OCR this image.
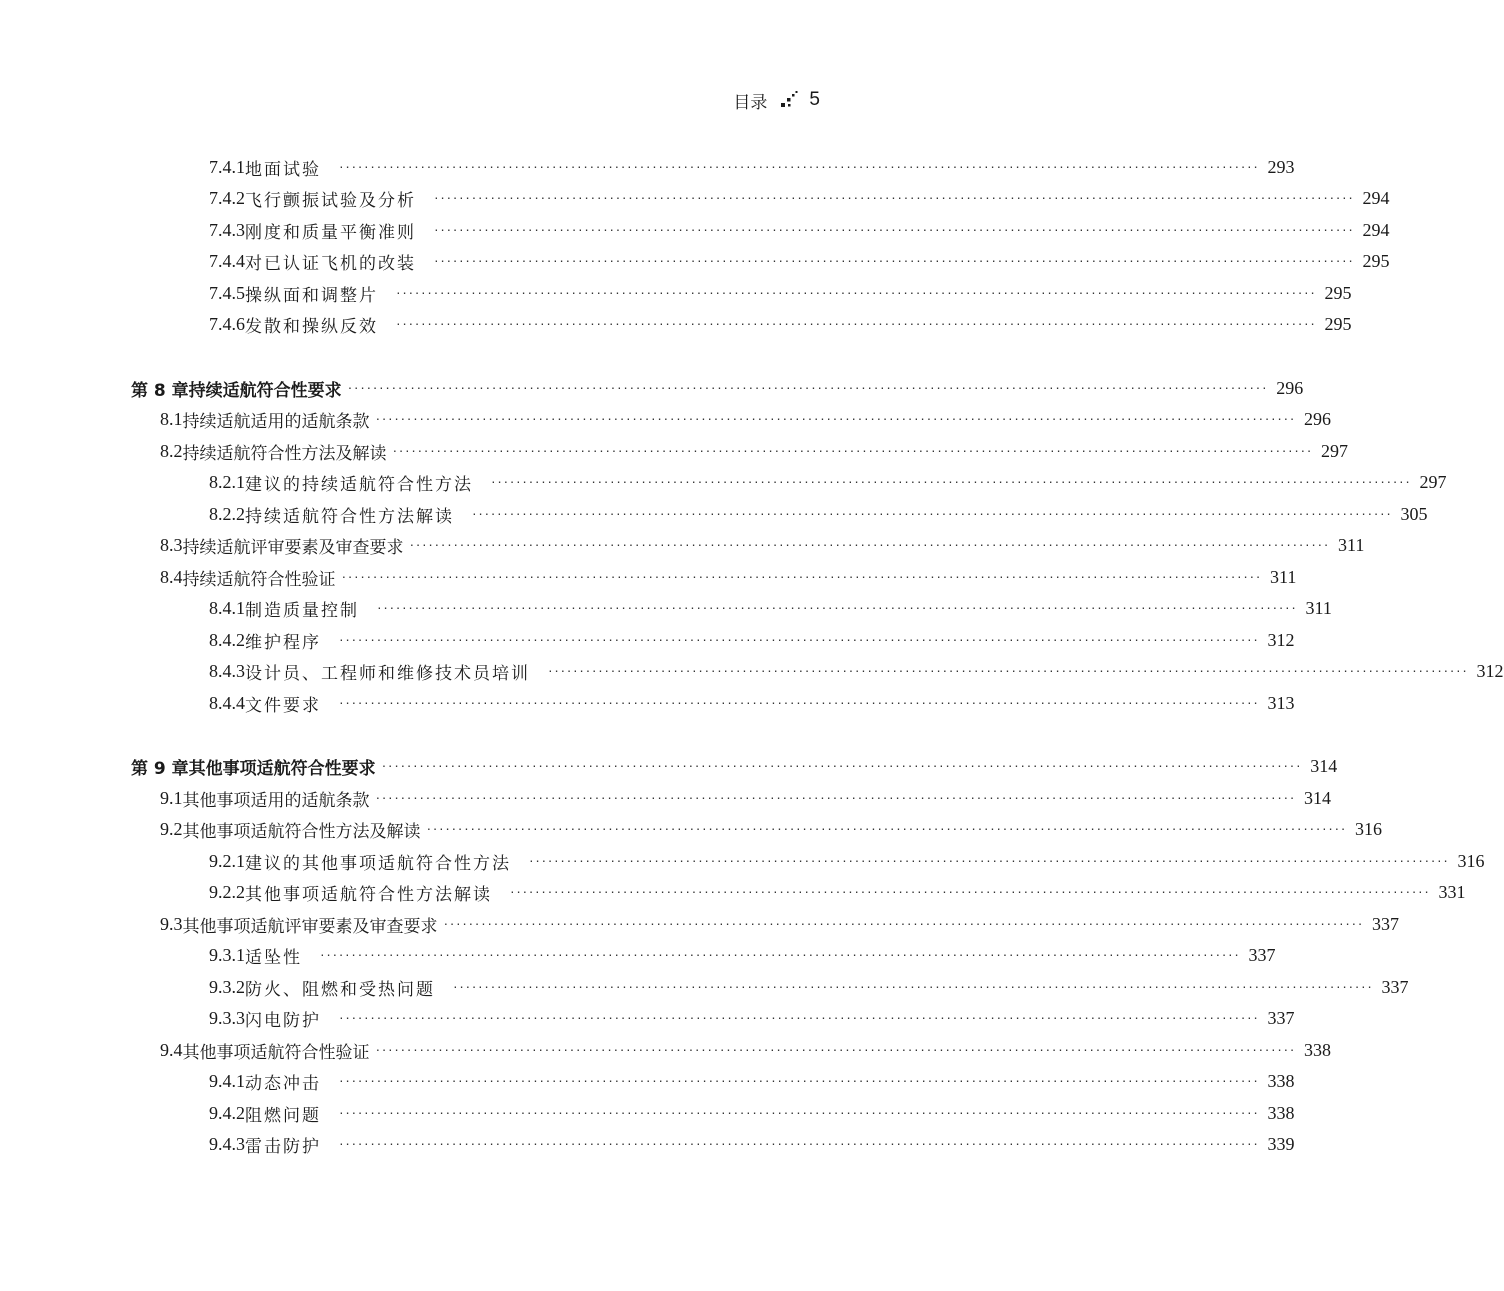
目录 5
7.4.1 地面试验 ··················································································································································· 293
7.4.2 飞行颤振试验及分析 ··················································································································································· 294
7.4.3 刚度和质量平衡准则 ··················································································································································· 294
7.4.4 对已认证飞机的改装 ··················································································································································· 295
7.4.5 操纵面和调整片 ··················································································································································· 295
7.4.6 发散和操纵反效 ··················································································································································· 295
第 8 章 持续适航符合性要求 ··················································································································································· 296
8.1 持续适航适用的适航条款 ··················································································································································· 296
8.2 持续适航符合性方法及解读 ··················································································································································· 297
8.2.1 建议的持续适航符合性方法 ··················································································································································· 297
8.2.2 持续适航符合性方法解读 ··················································································································································· 305
8.3 持续适航评审要素及审查要求 ··················································································································································· 311
8.4 持续适航符合性验证 ··················································································································································· 311
8.4.1 制造质量控制 ··················································································································································· 311
8.4.2 维护程序 ··················································································································································· 312
8.4.3 设计员、工程师和维修技术员培训 ··················································································································································· 312
8.4.4 文件要求 ··················································································································································· 313
第 9 章 其他事项适航符合性要求 ··················································································································································· 314
9.1 其他事项适用的适航条款 ··················································································································································· 314
9.2 其他事项适航符合性方法及解读 ··················································································································································· 316
9.2.1 建议的其他事项适航符合性方法 ··················································································································································· 316
9.2.2 其他事项适航符合性方法解读 ··················································································································································· 331
9.3 其他事项适航评审要素及审查要求 ··················································································································································· 337
9.3.1 适坠性 ··················································································································································· 337
9.3.2 防火、阻燃和受热问题 ··················································································································································· 337
9.3.3 闪电防护 ··················································································································································· 337
9.4 其他事项适航符合性验证 ··················································································································································· 338
9.4.1 动态冲击 ··················································································································································· 338
9.4.2 阻燃问题 ··················································································································································· 338
9.4.3 雷击防护 ··················································································································································· 339
